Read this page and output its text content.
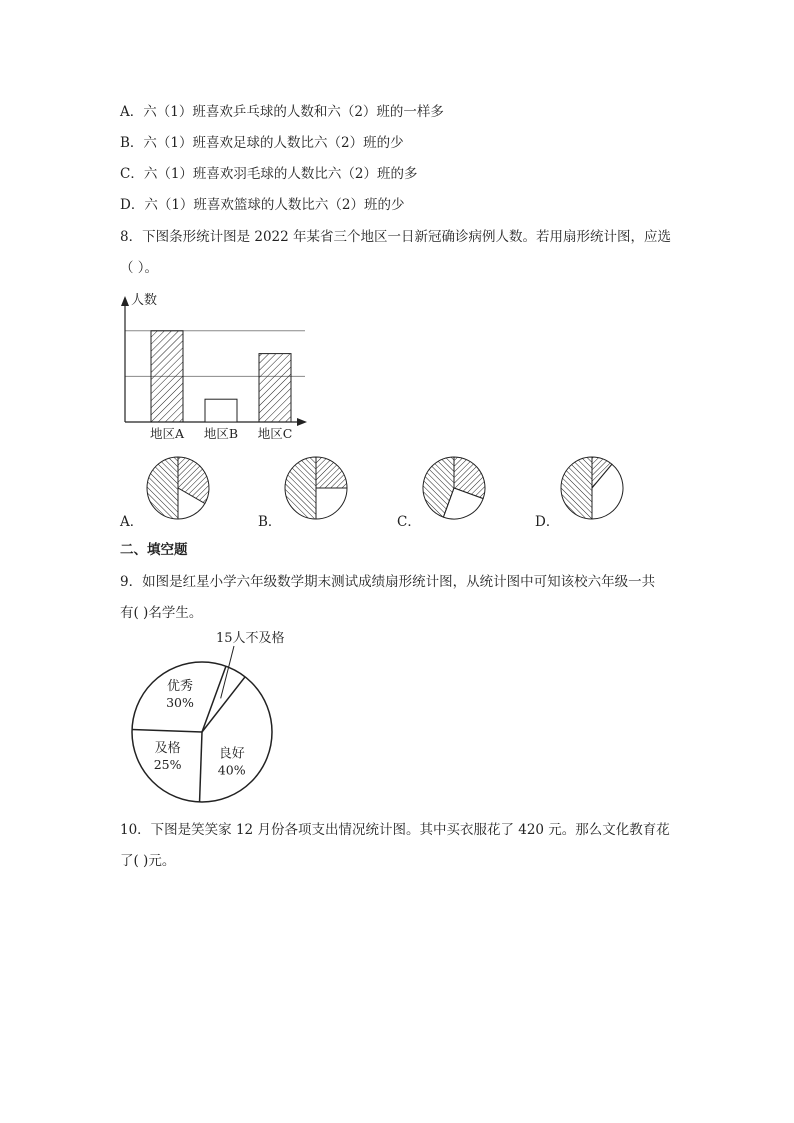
A．六（1）班喜欢乒乓球的人数和六（2）班的一样多
B．六（1）班喜欢足球的人数比六（2）班的少
C．六（1）班喜欢羽毛球的人数比六（2）班的多
D．六（1）班喜欢篮球的人数比六（2）班的少
8．下图条形统计图是 2022 年某省三个地区一日新冠确诊病例人数。若用扇形统计图，应选
（ ）。
人数
地区A 地区B 地区C
A．	B．	C．	D．
二、填空题
9．如图是红星小学六年级数学期末测试成绩扇形统计图，从统计图中可知该校六年级一共
有( )名学生。
良好
40%
及格
25%
优秀
30%
15人不及格
10．下图是笑笑家 12 月份各项支出情况统计图。其中买衣服花了 420 元。那么文化教育花
了( )元。
